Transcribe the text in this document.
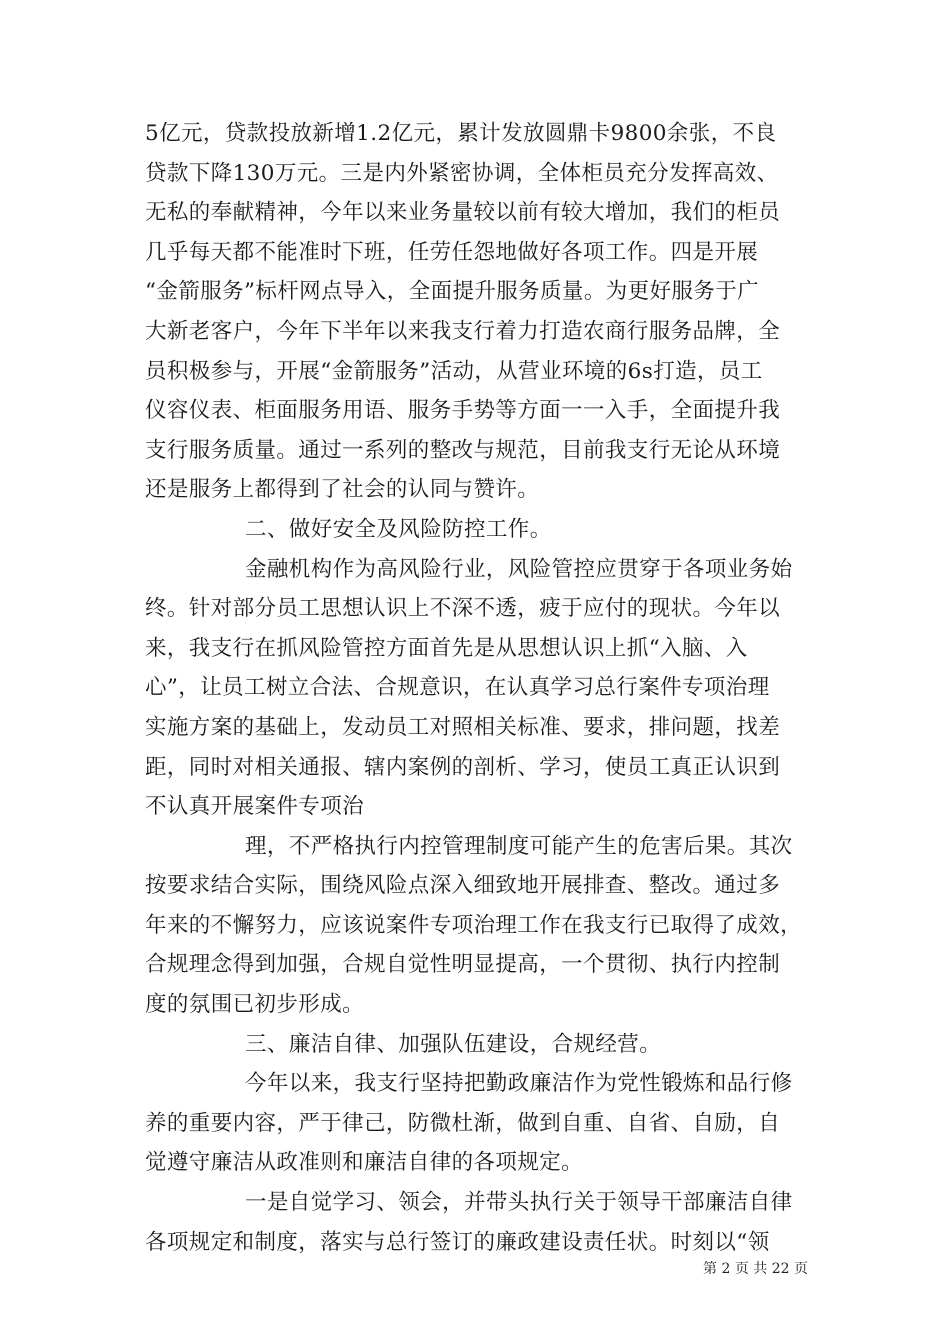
5亿元，贷款投放新增1.2亿元，累计发放圆鼎卡9800余张，不良
贷款下降130万元。三是内外紧密协调，全体柜员充分发挥高效、
无私的奉献精神，今年以来业务量较以前有较大增加，我们的柜员
几乎每天都不能准时下班，任劳任怨地做好各项工作。四是开展
“金箭服务”标杆网点导入，全面提升服务质量。为更好服务于广
大新老客户，今年下半年以来我支行着力打造农商行服务品牌，全
员积极参与，开展“金箭服务”活动，从营业环境的6s打造，员工
仪容仪表、柜面服务用语、服务手势等方面一一入手，全面提升我
支行服务质量。通过一系列的整改与规范，目前我支行无论从环境
还是服务上都得到了社会的认同与赞许。
二、做好安全及风险防控工作。
金融机构作为高风险行业，风险管控应贯穿于各项业务始
终。针对部分员工思想认识上不深不透，疲于应付的现状。今年以
来，我支行在抓风险管控方面首先是从思想认识上抓“入脑、入
心”，让员工树立合法、合规意识，在认真学习总行案件专项治理
实施方案的基础上，发动员工对照相关标准、要求，排问题，找差
距，同时对相关通报、辖内案例的剖析、学习，使员工真正认识到
不认真开展案件专项治
理，不严格执行内控管理制度可能产生的危害后果。其次
按要求结合实际，围绕风险点深入细致地开展排查、整改。通过多
年来的不懈努力，应该说案件专项治理工作在我支行已取得了成效，
合规理念得到加强，合规自觉性明显提高，一个贯彻、执行内控制
度的氛围已初步形成。
三、廉洁自律、加强队伍建设，合规经营。
今年以来，我支行坚持把勤政廉洁作为党性锻炼和品行修
养的重要内容，严于律己，防微杜渐，做到自重、自省、自励，自
觉遵守廉洁从政准则和廉洁自律的各项规定。
一是自觉学习、领会，并带头执行关于领导干部廉洁自律
各项规定和制度，落实与总行签订的廉政建设责任状。时刻以“领
第 2 页 共 22 页
